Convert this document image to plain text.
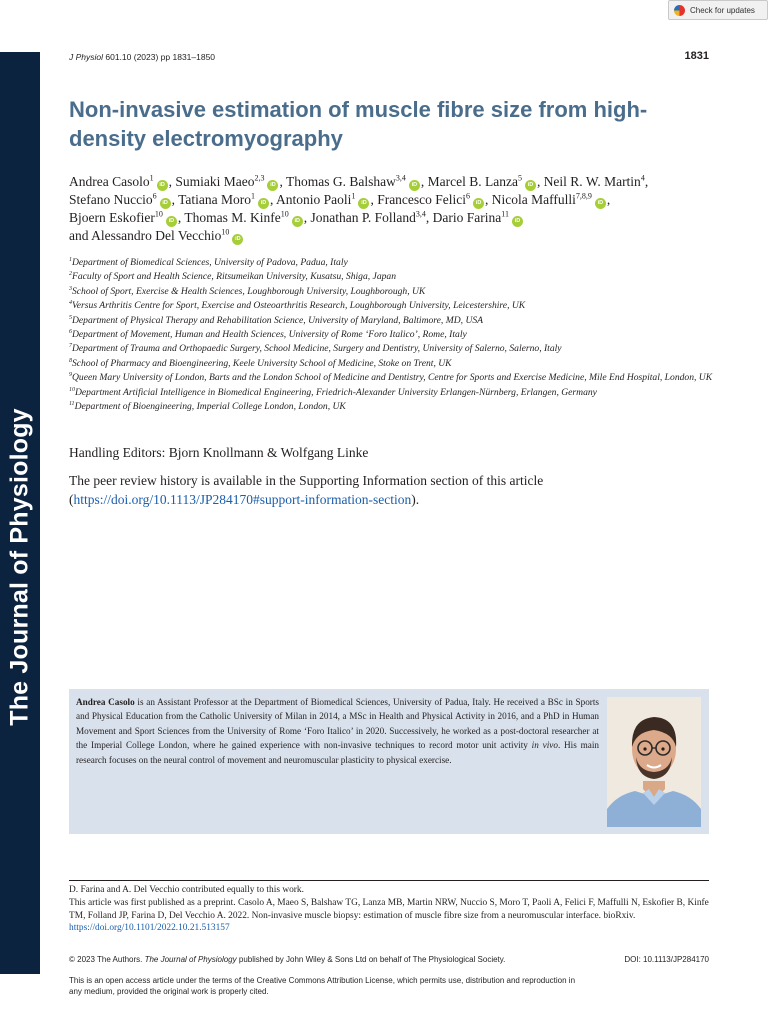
The Journal of Physiology
Check for updates
J Physiol 601.10 (2023) pp 1831–1850	1831
Non-invasive estimation of muscle fibre size from high-density electromyography
Andrea Casolo$^1$iD , Sumiaki Maeo$^{2,3}$iD , Thomas G. Balshaw$^{3,4}$iD , Marcel B. Lanza$^5$iD , Neil R. W. Martin$^4$,
Stefano Nuccio$^6$iD , Tatiana Moro$^1$iD , Antonio Paoli$^1$iD , Francesco Felici$^6$iD , Nicola Maffulli$^{7,8,9}$iD ,
Bjoern Eskofier$^{10}$iD , Thomas M. Kinfe$^{10}$iD , Jonathan P. Folland$^{3,4}$, Dario Farina$^{11}$iD
and Alessandro Del Vecchio$^{10}$iD
$^1$Department of Biomedical Sciences, University of Padova, Padua, Italy
$^2$Faculty of Sport and Health Science, Ritsumeikan University, Kusatsu, Shiga, Japan
$^3$School of Sport, Exercise & Health Sciences, Loughborough University, Loughborough, UK
$^4$Versus Arthritis Centre for Sport, Exercise and Osteoarthritis Research, Loughborough University, Leicestershire, UK
$^5$Department of Physical Therapy and Rehabilitation Science, University of Maryland, Baltimore, MD, USA
$^6$Department of Movement, Human and Health Sciences, University of Rome ‘Foro Italico’, Rome, Italy
$^7$Department of Trauma and Orthopaedic Surgery, School Medicine, Surgery and Dentistry, University of Salerno, Salerno, Italy
$^8$School of Pharmacy and Bioengineering, Keele University School of Medicine, Stoke on Trent, UK
$^9$Queen Mary University of London, Barts and the London School of Medicine and Dentistry, Centre for Sports and Exercise Medicine, Mile End Hospital, London, UK
$^{10}$Department Artificial Intelligence in Biomedical Engineering, Friedrich-Alexander University Erlangen-Nürnberg, Erlangen, Germany
$^{11}$Department of Bioengineering, Imperial College London, London, UK
Handling Editors: Bjorn Knollmann & Wolfgang Linke
The peer review history is available in the Supporting Information section of this article (https://doi.org/10.1113/JP284170#support-information-section).
Andrea Casolo is an Assistant Professor at the Department of Biomedical Sciences, University of Padua, Italy. He received a BSc in Sports and Physical Education from the Catholic University of Milan in 2014, a MSc in Health and Physical Activity in 2016, and a PhD in Human Movement and Sport Sciences from the University of Rome ‘Foro Italico’ in 2020. Successively, he worked as a post-doctoral researcher at the Imperial College London, where he gained experience with non-invasive techniques to record motor unit activity in vivo. His main research focuses on the neural control of movement and neuromuscular plasticity to physical exercise.
D. Farina and A. Del Vecchio contributed equally to this work.
This article was first published as a preprint. Casolo A, Maeo S, Balshaw TG, Lanza MB, Martin NRW, Nuccio S, Moro T, Paoli A, Felici F, Maffulli N, Eskofier B, Kinfe TM, Folland JP, Farina D, Del Vecchio A. 2022. Non-invasive muscle biopsy: estimation of muscle fibre size from a neuromuscular interface. bioRxiv. https://doi.org/10.1101/2022.10.21.513157
© 2023 The Authors. The Journal of Physiology published by John Wiley & Sons Ltd on behalf of The Physiological Society.	DOI: 10.1113/JP284170
This is an open access article under the terms of the Creative Commons Attribution License, which permits use, distribution and reproduction in any medium, provided the original work is properly cited.
